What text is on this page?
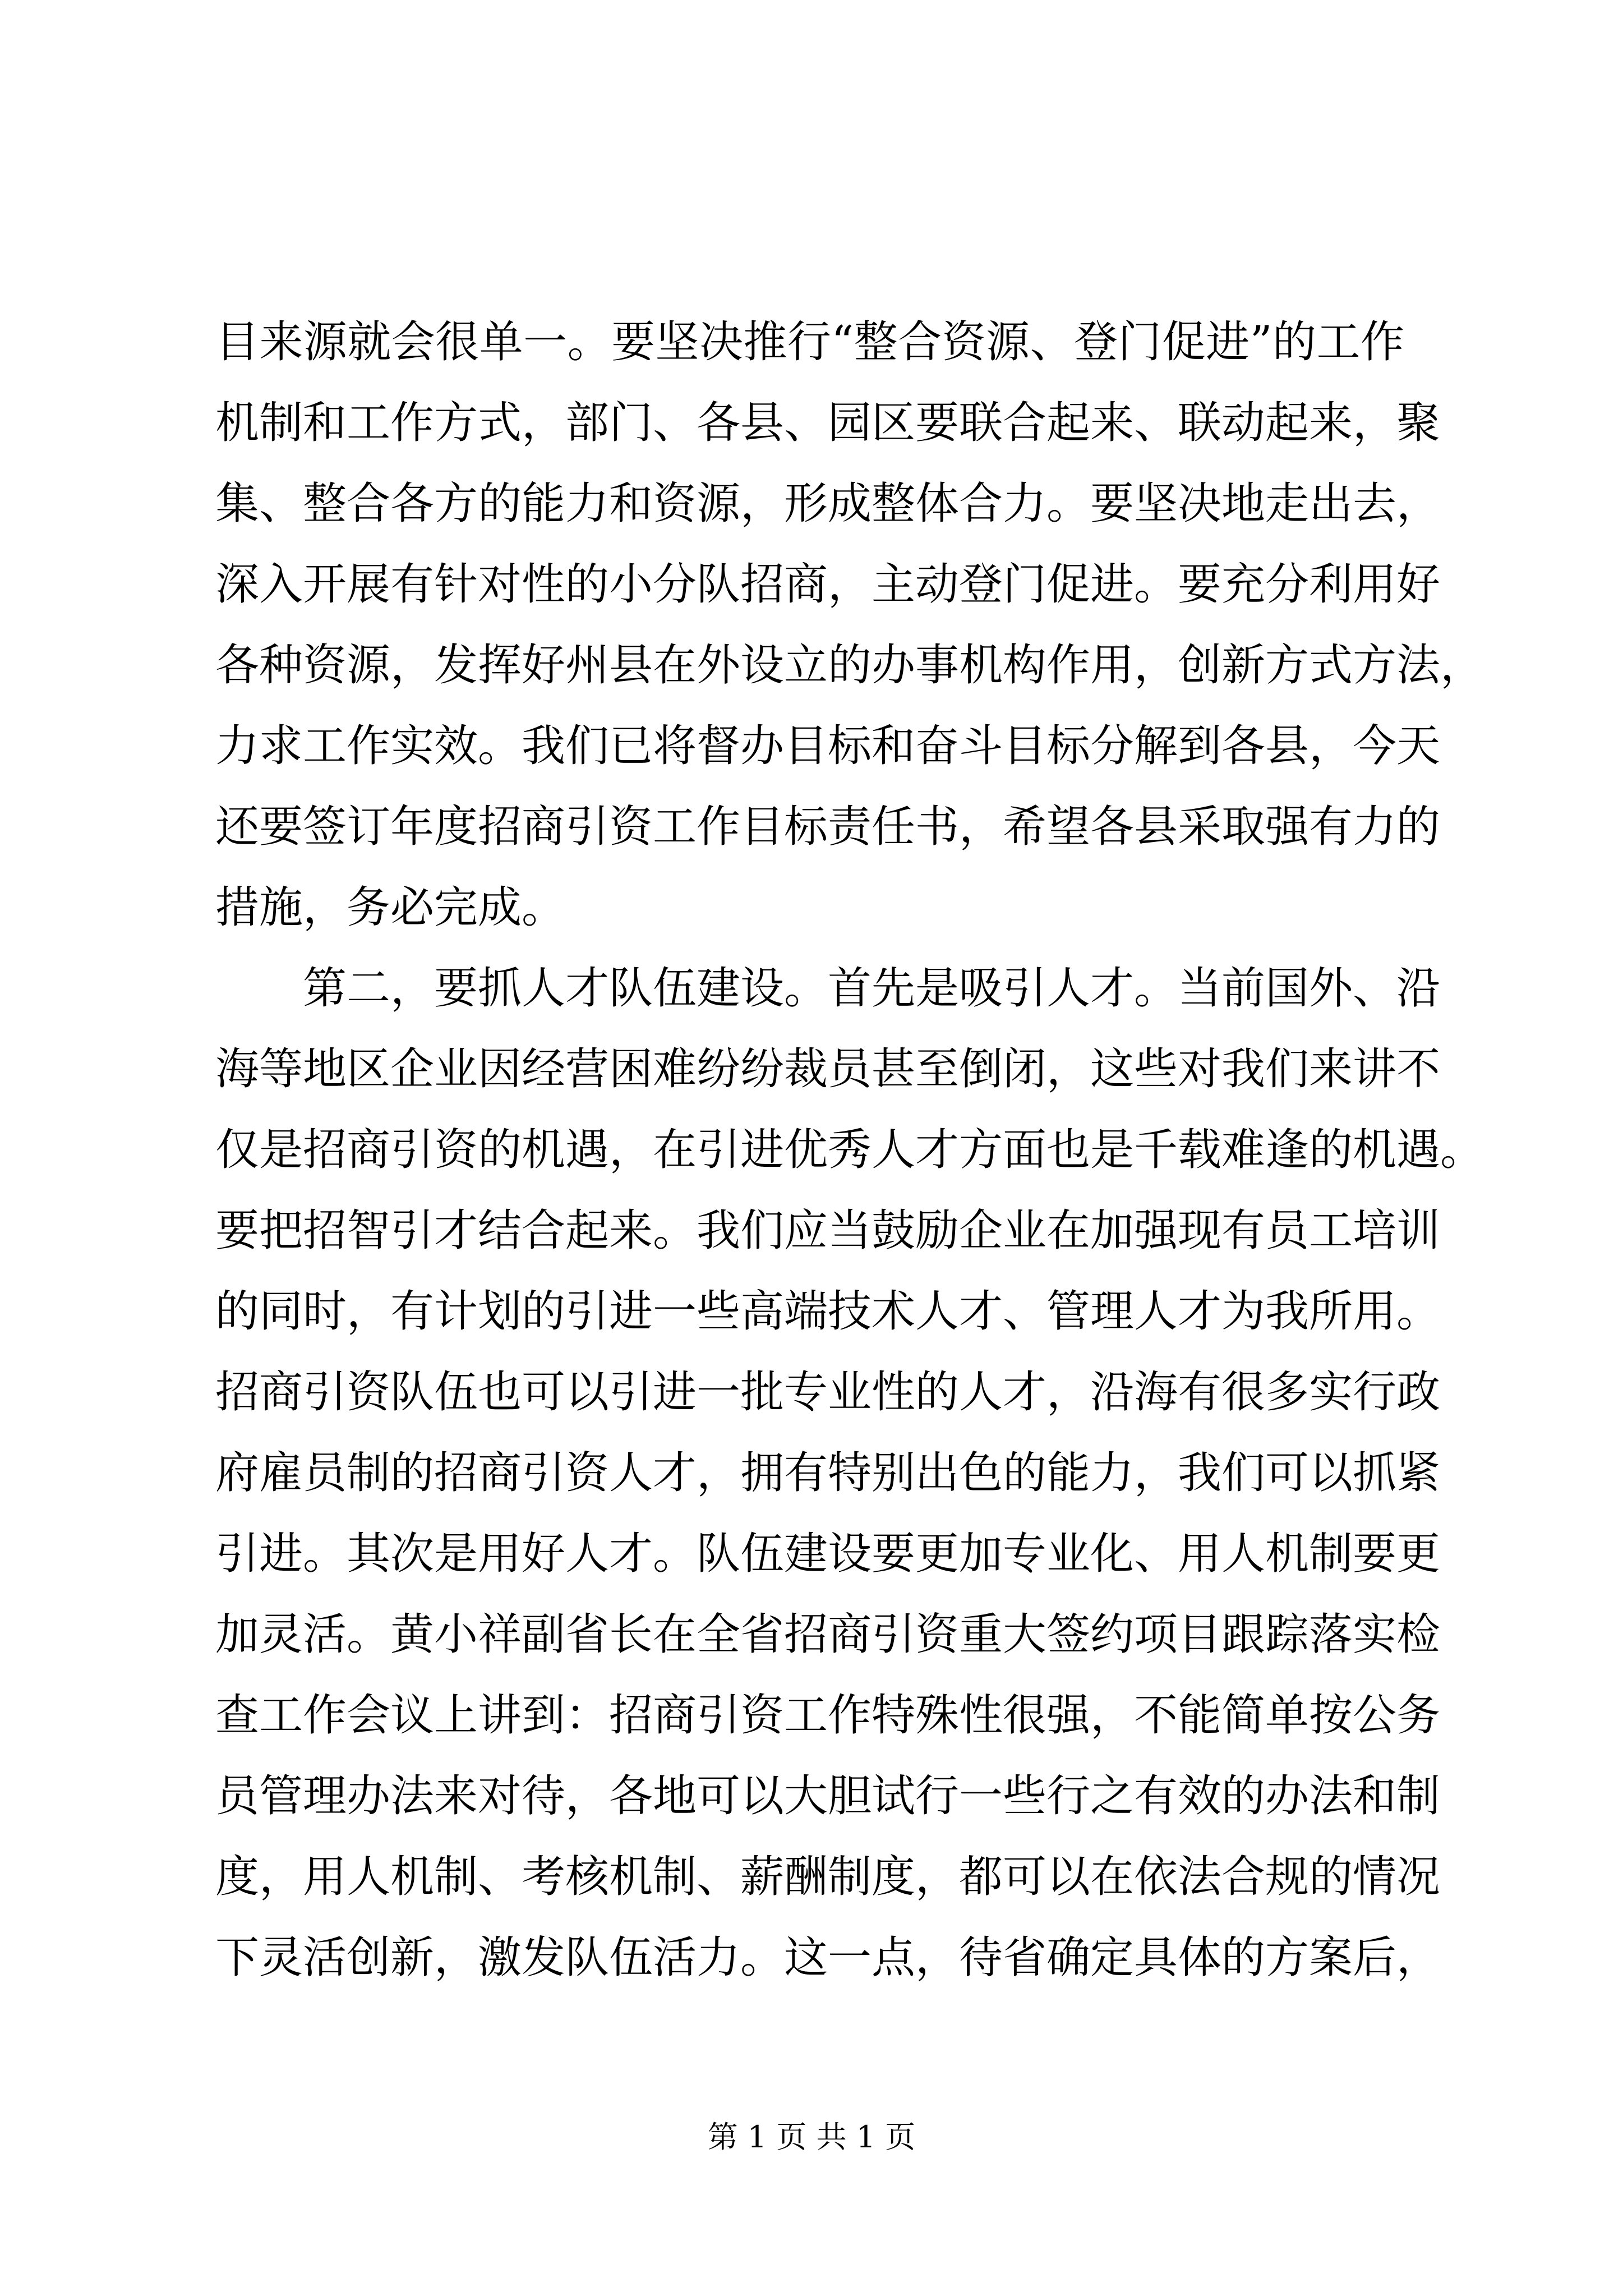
目来源就会很单一。要坚决推行“整合资源、登门促进”的工作
机制和工作方式，部门、各县、园区要联合起来、联动起来，聚
集、整合各方的能力和资源，形成整体合力。要坚决地走出去，
深入开展有针对性的小分队招商，主动登门促进。要充分利用好
各种资源，发挥好州县在外设立的办事机构作用，创新方式方法，
力求工作实效。我们已将督办目标和奋斗目标分解到各县，今天
还要签订年度招商引资工作目标责任书，希望各县采取强有力的
措施，务必完成。
第二，要抓人才队伍建设。首先是吸引人才。当前国外、沿
海等地区企业因经营困难纷纷裁员甚至倒闭，这些对我们来讲不
仅是招商引资的机遇，在引进优秀人才方面也是千载难逢的机遇。
要把招智引才结合起来。我们应当鼓励企业在加强现有员工培训
的同时，有计划的引进一些高端技术人才、管理人才为我所用。
招商引资队伍也可以引进一批专业性的人才，沿海有很多实行政
府雇员制的招商引资人才，拥有特别出色的能力，我们可以抓紧
引进。其次是用好人才。队伍建设要更加专业化、用人机制要更
加灵活。黄小祥副省长在全省招商引资重大签约项目跟踪落实检
查工作会议上讲到：招商引资工作特殊性很强，不能简单按公务
员管理办法来对待，各地可以大胆试行一些行之有效的办法和制
度，用人机制、考核机制、薪酬制度，都可以在依法合规的情况
下灵活创新，激发队伍活力。这一点，待省确定具体的方案后，
第 1 页 共 1 页
